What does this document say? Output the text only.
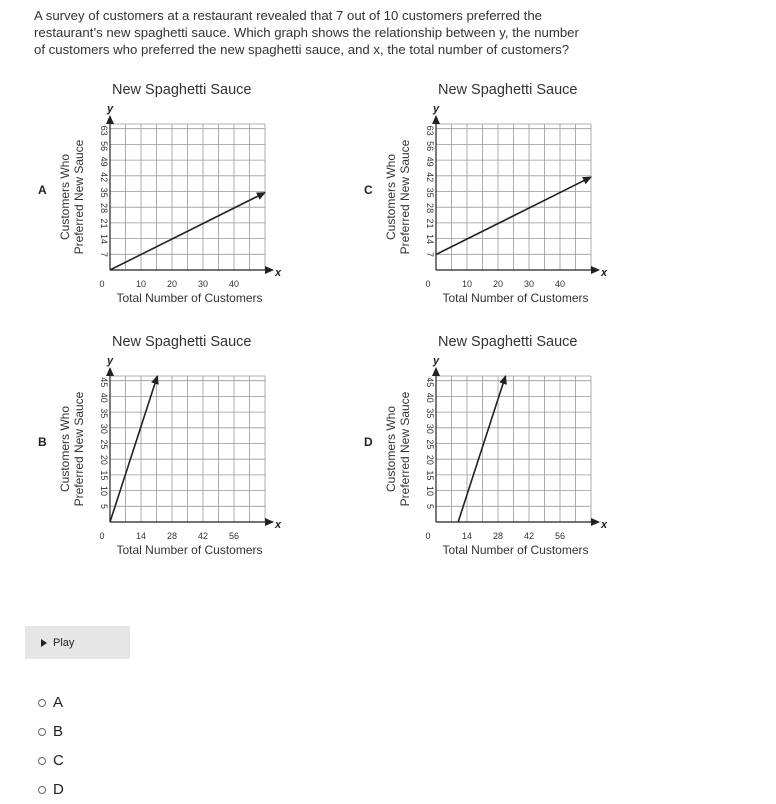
A survey of customers at a restaurant revealed that 7 out of 10 customers preferred the

restaurant’s new spaghetti sauce. Which graph shows the relationship between y, the number

of customers who preferred the new spaghetti sauce, and x, the total number of customers?

A
New Spaghetti Sauce
y
x
7
14
21
28
35
42
49
56
63
10 20 30 40
0
Total Number of Customers
Customers Who Preferred New Sauce
B
New Spaghetti Sauce
y
x
5
10
15
20
25
30
35
40
45
14 28 42 56
0
Total Number of Customers
Customers Who Preferred New Sauce
C
New Spaghetti Sauce
y
x
7
14
21
28
35
42
49
56
63
10 20 30 40
0
Total Number of Customers
Customers Who Preferred New Sauce
D
New Spaghetti Sauce
y
x
5
10
15
20
25
30
35
40
45
14 28 42 56
0
Total Number of Customers
Customers Who Preferred New Sauce
Play
A
B
C
D
